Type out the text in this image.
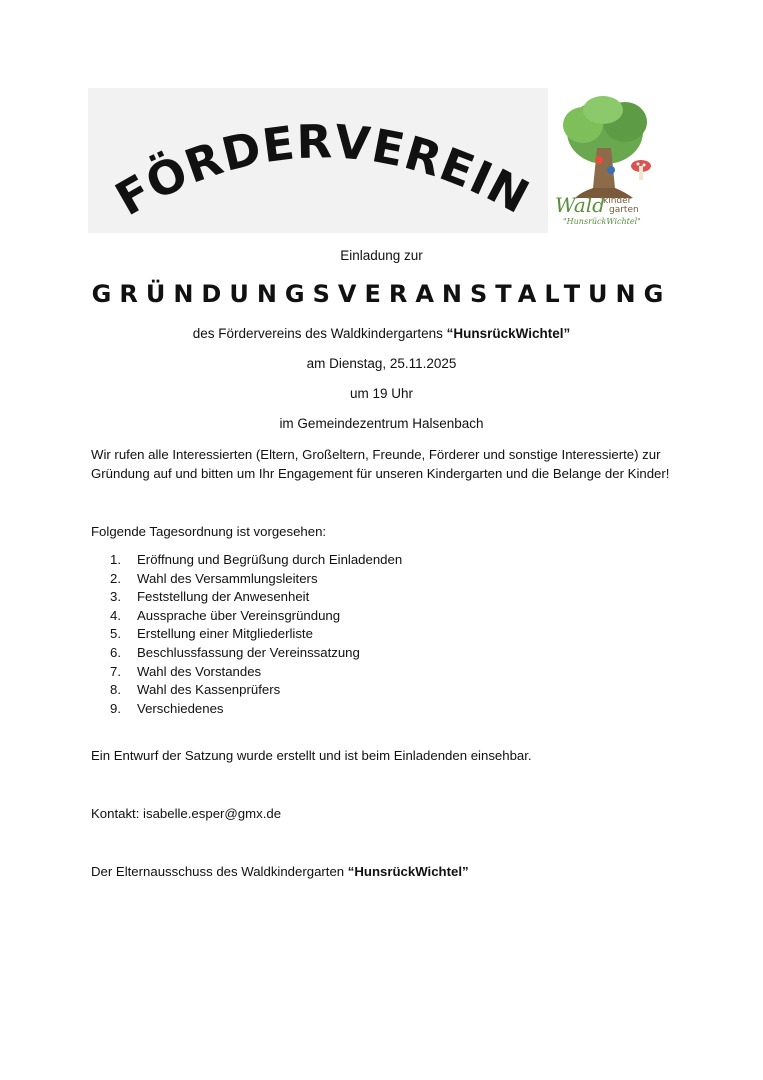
FÖRDERVEREIN Wald
kinder
garten
"HunsrückWichtel"
Einladung zur
GRÜNDUNGSVERANSTALTUNG
des Fördervereins des Waldkindergartens “HunsrückWichtel”
am Dienstag, 25.11.2025
um 19 Uhr
im Gemeindezentrum Halsenbach
Wir rufen alle Interessierten (Eltern, Großeltern, Freunde, Förderer und sonstige Interessierte) zur
Gründung auf und bitten um Ihr Engagement für unseren Kindergarten und die Belange der Kinder!
Folgende Tagesordnung ist vorgesehen:
1. Eröffnung und Begrüßung durch Einladenden
2. Wahl des Versammlungsleiters
3. Feststellung der Anwesenheit
4. Aussprache über Vereinsgründung
5. Erstellung einer Mitgliederliste
6. Beschlussfassung der Vereinssatzung
7. Wahl des Vorstandes
8. Wahl des Kassenprüfers
9. Verschiedenes
Ein Entwurf der Satzung wurde erstellt und ist beim Einladenden einsehbar.
Kontakt: isabelle.esper@gmx.de
Der Elternausschuss des Waldkindergarten “HunsrückWichtel”
